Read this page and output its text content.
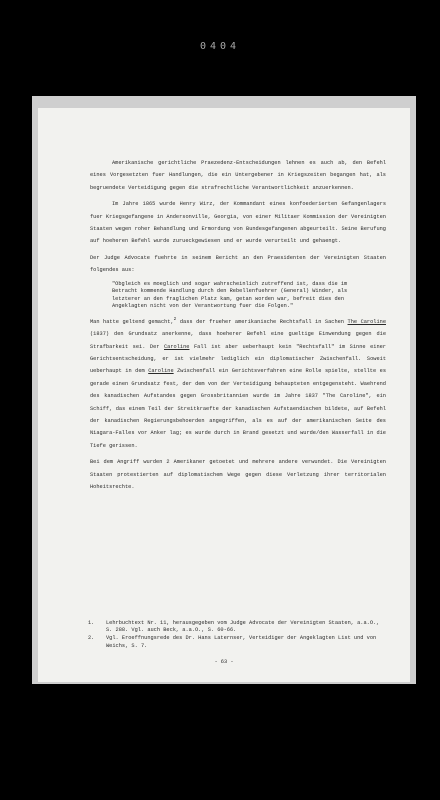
0404

Amerikanische gerichtliche Praezedenz-Entscheidungen lehnen es auch ab, den Befehl eines Vorgesetzten fuer Handlungen, die ein Untergebener in Kriegszeiten begangen hat, als begruendete Verteidigung gegen die strafrechtliche Verantwortlichkeit anzuerkennen.

Im Jahre 1865 wurde Henry Wirz, der Kommandant eines konfoederierten Gefangenlagers fuer Kriegsgefangene in Andersonville, Georgia, von einer Militaer Kommission der Vereinigten Staaten wegen roher Behandlung und Ermordung von Bundesgefangenen abgeurteilt. Seine Berufung auf hoeheren Befehl wurde zurueckgewiesen und er wurde verurteilt und gehaengt.

Der Judge Advocate fuehrte in seinem Bericht an den Praesidenten der Vereinigten Staaten folgendes aus:

"Obgleich es moeglich und sogar wahrscheinlich zutreffend ist, dass die im Betracht kommende Handlung durch den Rebellenfuehrer (General) Winder, als letzterer an den fraglichen Platz kam, getan worden war, befreit dies den Angeklagten nicht von der Verantwortung fuer die Folgen."

Man hatte geltend gemacht,$^2$ dass der frueher amerikanische Rechtsfall in Sachen The Caroline (1837) den Grundsatz anerkenne, dass hoeherer Befehl eine gueltige Einwendung gegen die Strafbarkeit sei. Der Caroline Fall ist aber ueberhaupt kein "Rechtsfall" im Sinne einer Gerichtsentscheidung, er ist vielmehr lediglich ein diplomatischer Zwischenfall. Soweit ueberhaupt in dem Caroline Zwischenfall ein Gerichtsverfahren eine Rolle spielte, stellte es gerade einen Grundsatz fest, der dem von der Verteidigung behaupteten entgegensteht. Waehrend des kanadischen Aufstandes gegen Grossbritannien wurde im Jahre 1837 "The Caroline", ein Schiff, das einem Teil der Streitkraefte der kanadischen Aufstaendischen bildete, auf Befehl der kanadischen Regierungsbehoerden angegriffen, als es auf der amerikanischen Seite des Niagara-Falles vor Anker lag; es wurde durch in Brand gesetzt und wurde/den Wasserfall in die Tiefe gerissen.

Bei dem Angriff wurden 2 Amerikaner getoetet und mehrere andere verwundet. Die Vereinigten Staaten protestierten auf diplomatischem Wege gegen diese Verletzung ihrer territorialen Hoheitsrechte.

1.	Lehrbuchtext Nr. 11, herausgegeben vom Judge Advocate der Vereinigten Staaten, a.a.O., S. 288. Vgl. auch Beck, a.a.O., S. 60-66.
2.	Vgl. Eroeffnungsrede des Dr. Hans Laternser, Verteidiger der Angeklagten List und von Weichs, S. 7.
- 63 -
